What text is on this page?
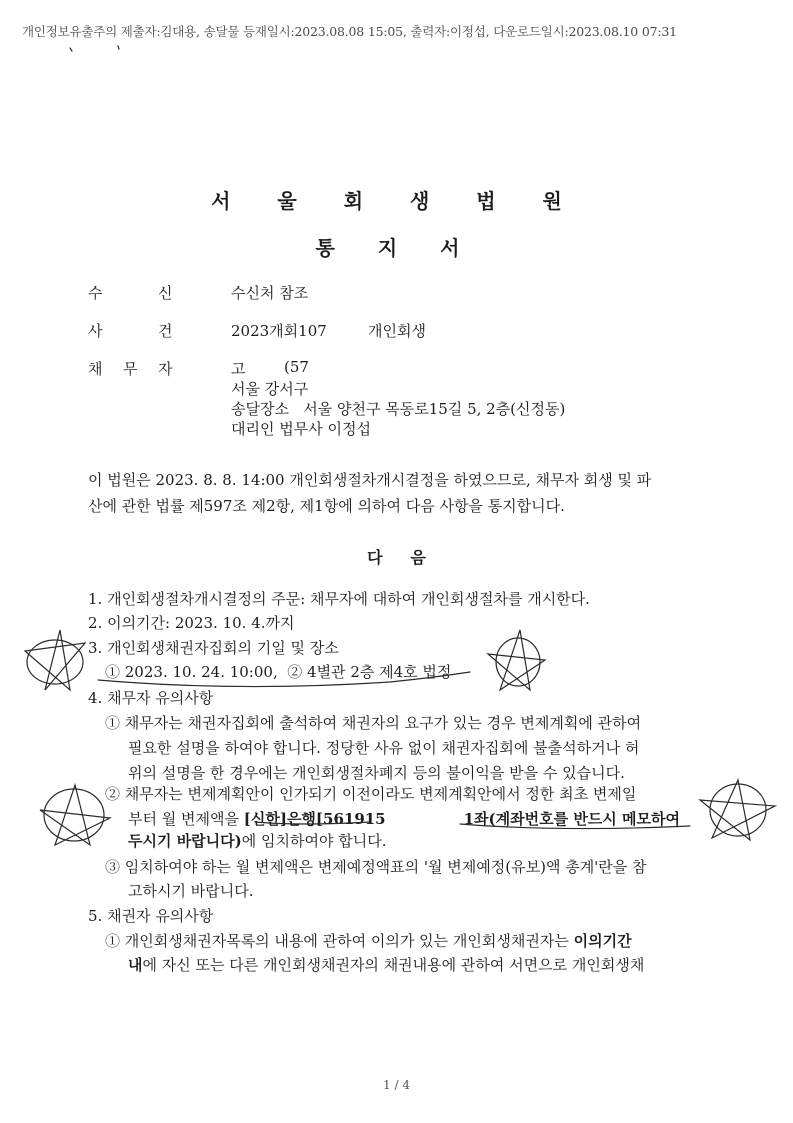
개인정보유출주의 제출자:김대용, 송달물 등재일시:2023.08.08 15:05, 출력자:이정섭, 다운로드일시:2023.08.10 07:31
서 울 회 생 법 원
통 지 서
수	신	수신처 참조
사	건	2023개회107	개인회생
채 무 자	고	(57
서울 강서구
송달장소   서울 양천구 목동로15길 5, 2층(신정동)
대리인 법무사 이정섭
이 법원은 2023. 8. 8. 14:00 개인회생절차개시결정을 하였으므로, 채무자 회생 및 파
산에 관한 법률 제597조 제2항, 제1항에 의하여 다음 사항을 통지합니다.
다     음
1. 개인회생절차개시결정의 주문: 채무자에 대하여 개인회생절차를 개시한다.
2. 이의기간: 2023. 10. 4.까지
3. 개인회생채권자집회의 기일 및 장소
① 2023. 10. 24. 10:00,  ② 4별관 2층 제4호 법정
4. 채무자 유의사항
① 채무자는 채권자집회에 출석하여 채권자의 요구가 있는 경우 변제계획에 관하여
필요한 설명을 하여야 합니다. 정당한 사유 없이 채권자집회에 불출석하거나 허
위의 설명을 한 경우에는 개인회생절차폐지 등의 불이익을 받을 수 있습니다.
② 채무자는 변제계획안이 인가되기 이전이라도 변제계획안에서 정한 최초 변제일
부터 월 변제액을 [신한]은행[561915	1좌(계좌번호를 반드시 메모하여
두시기 바랍니다)에 임치하여야 합니다.
③ 임치하여야 하는 월 변제액은 변제예정액표의 '월 변제예정(유보)액 총계'란을 참
고하시기 바랍니다.
5. 채권자 유의사항
① 개인회생채권자목록의 내용에 관하여 이의가 있는 개인회생채권자는 이의기간
내에 자신 또는 다른 개인회생채권자의 채권내용에 관하여 서면으로 개인회생채
1 / 4
